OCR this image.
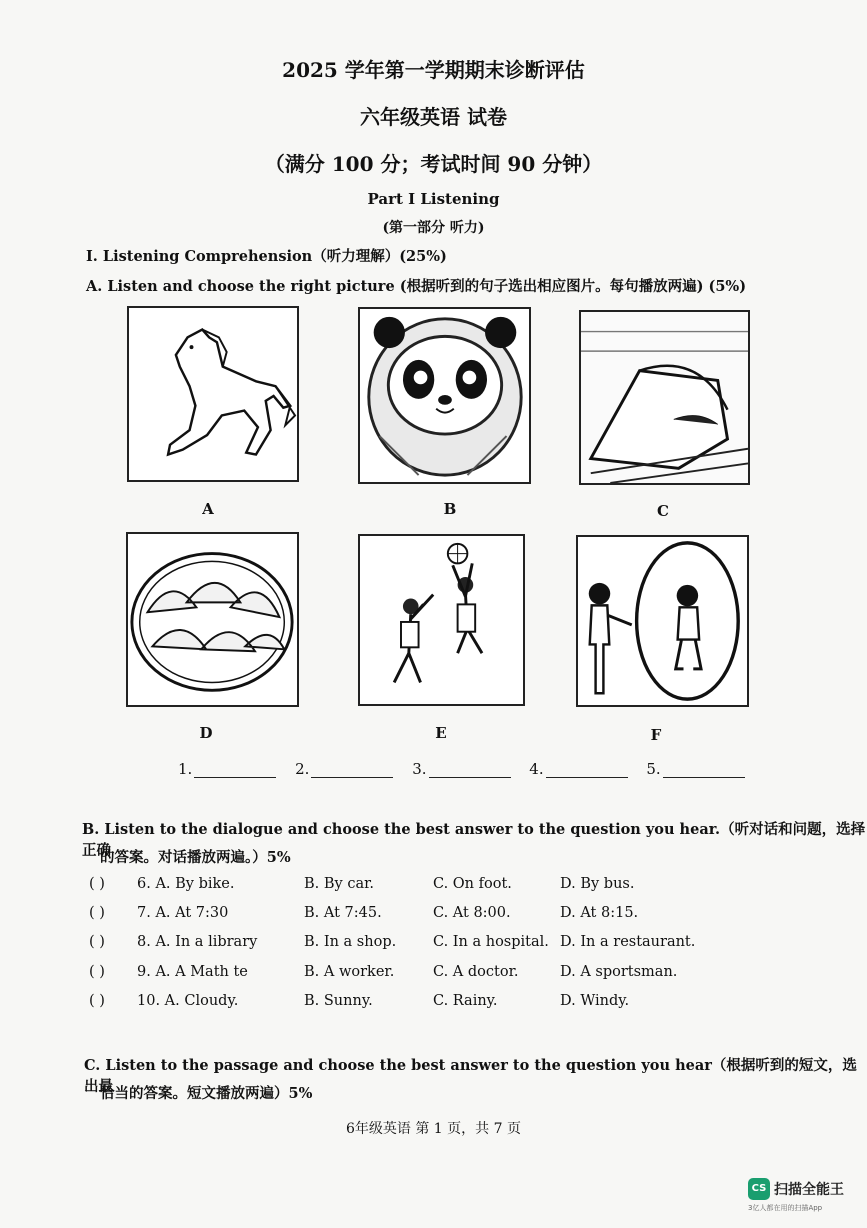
2025 学年第一学期期末诊断评估
六年级英语 试卷
（满分 100 分；考试时间 90 分钟）
Part I Listening
(第一部分 听力)
I. Listening Comprehension（听力理解）(25%)
A. Listen and choose the right picture (根据听到的句子选出相应图片。每句播放两遍) (5%)
A	B	C
D	E	F
1.	2.	3.	4.	5.
B. Listen to the dialogue and choose the best answer to the question you hear.（听对话和问题，选择正确
的答案。对话播放两遍。）5%
( ) 6. A. By bike.	B. By car.	C. On foot.	D. By bus.
( ) 7. A. At 7:30	B. At 7:45.	C. At 8:00.	D. At 8:15.
( ) 8. A. In a library	B. In a shop.	C. In a hospital. D. In a restaurant.
( ) 9. A. A Math te	B. A worker.	C. A doctor.	D. A sportsman.
( ) 10. A. Cloudy.	B. Sunny.	C. Rainy.	D. Windy.
C. Listen to the passage and choose the best answer to the question you hear（根据听到的短文，选出最
恰当的答案。短文播放两遍）5%
6年级英语 第 1 页，共 7 页
CS 扫描全能王
3亿人都在用的扫描App
